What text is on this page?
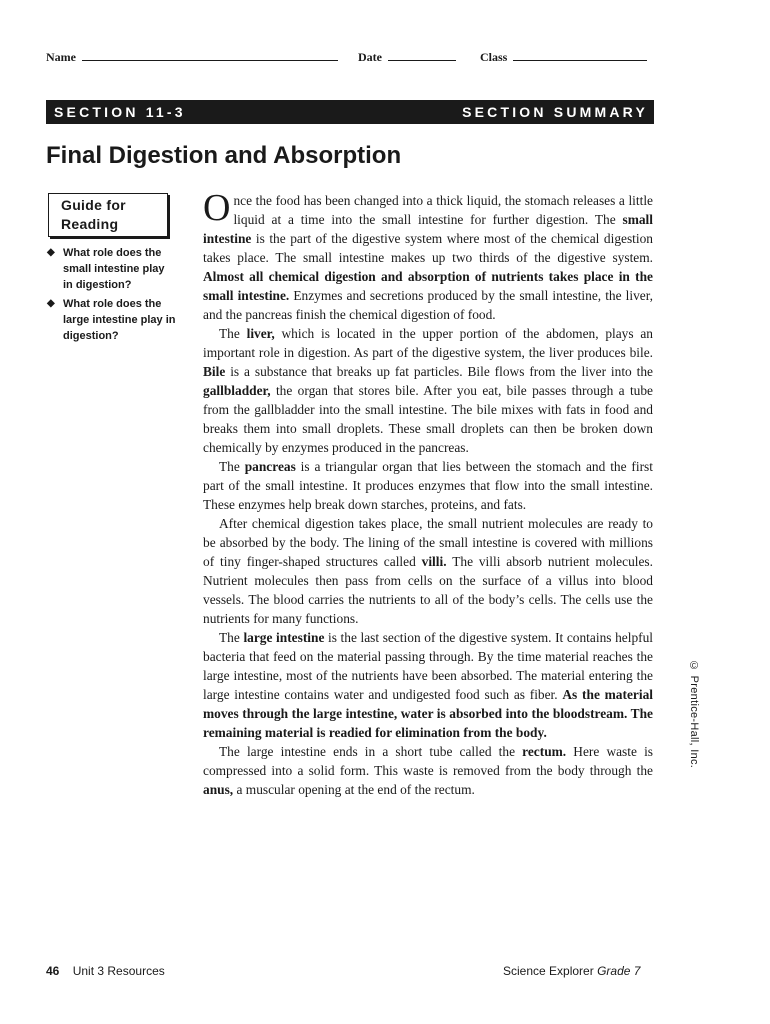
Name	Date	Class
SECTION 11-3	SECTION SUMMARY
Final Digestion and Absorption
Guide for
Reading
◆ What role does the small intestine play in digestion?
◆ What role does the large intestine play in digestion?

Once the food has been changed into a thick liquid, the stomach releases a little liquid at a time into the small intestine for further digestion. The small intestine is the part of the digestive system where most of the chemical digestion takes place. The small intestine makes up two thirds of the digestive system. Almost all chemical digestion and absorption of nutrients takes place in the small intestine. Enzymes and secretions produced by the small intestine, the liver, and the pancreas finish the chemical digestion of food.

The liver, which is located in the upper portion of the abdomen, plays an important role in digestion. As part of the digestive system, the liver produces bile. Bile is a substance that breaks up fat particles. Bile flows from the liver into the gallbladder, the organ that stores bile. After you eat, bile passes through a tube from the gallbladder into the small intestine. The bile mixes with fats in food and breaks them into small droplets. These small droplets can then be broken down chemically by enzymes produced in the pancreas.

The pancreas is a triangular organ that lies between the stomach and the first part of the small intestine. It produces enzymes that flow into the small intestine. These enzymes help break down starches, proteins, and fats.

After chemical digestion takes place, the small nutrient molecules are ready to be absorbed by the body. The lining of the small intestine is covered with millions of tiny finger-shaped structures called villi. The villi absorb nutrient molecules. Nutrient molecules then pass from cells on the surface of a villus into blood vessels. The blood carries the nutrients to all of the body’s cells. The cells use the nutrients for many functions.

The large intestine is the last section of the digestive system. It contains helpful bacteria that feed on the material passing through. By the time material reaches the large intestine, most of the nutrients have been absorbed. The material entering the large intestine contains water and undigested food such as fiber. As the material moves through the large intestine, water is absorbed into the bloodstream. The remaining material is readied for elimination from the body.

The large intestine ends in a short tube called the rectum. Here waste is compressed into a solid form. This waste is removed from the body through the anus, a muscular opening at the end of the rectum.

© Prentice-Hall, Inc.
46 Unit 3 Resources	Science Explorer Grade 7
